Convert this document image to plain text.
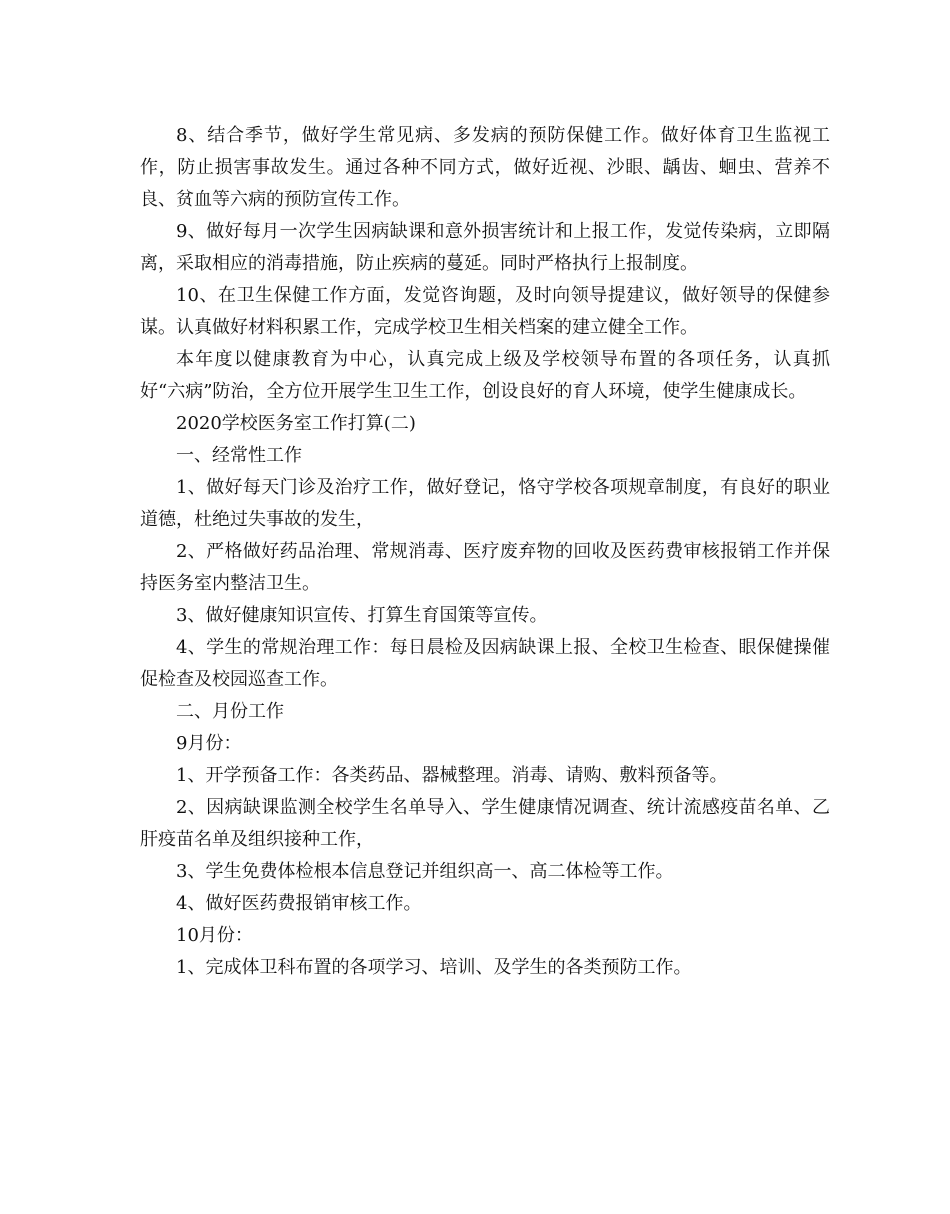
8、结合季节，做好学生常见病、多发病的预防保健工作。做好体育卫生监视工作，防止损害事故发生。通过各种不同方式，做好近视、沙眼、龋齿、蛔虫、营养不良、贫血等六病的预防宣传工作。

9、做好每月一次学生因病缺课和意外损害统计和上报工作，发觉传染病，立即隔离，采取相应的消毒措施，防止疾病的蔓延。同时严格执行上报制度。

10、在卫生保健工作方面，发觉咨询题，及时向领导提建议，做好领导的保健参谋。认真做好材料积累工作，完成学校卫生相关档案的建立健全工作。

本年度以健康教育为中心，认真完成上级及学校领导布置的各项任务，认真抓好“六病”防治，全方位开展学生卫生工作，创设良好的育人环境，使学生健康成长。

2020学校医务室工作打算(二)

一、经常性工作

1、做好每天门诊及治疗工作，做好登记，恪守学校各项规章制度，有良好的职业道德，杜绝过失事故的发生，

2、严格做好药品治理、常规消毒、医疗废弃物的回收及医药费审核报销工作并保持医务室内整洁卫生。

3、做好健康知识宣传、打算生育国策等宣传。

4、学生的常规治理工作：每日晨检及因病缺课上报、全校卫生检查、眼保健操催促检查及校园巡查工作。

二、月份工作

9月份：

1、开学预备工作：各类药品、器械整理。消毒、请购、敷料预备等。

2、因病缺课监测全校学生名单导入、学生健康情况调查、统计流感疫苗名单、乙肝疫苗名单及组织接种工作，

3、学生免费体检根本信息登记并组织高一、高二体检等工作。

4、做好医药费报销审核工作。

10月份：

1、完成体卫科布置的各项学习、培训、及学生的各类预防工作。
